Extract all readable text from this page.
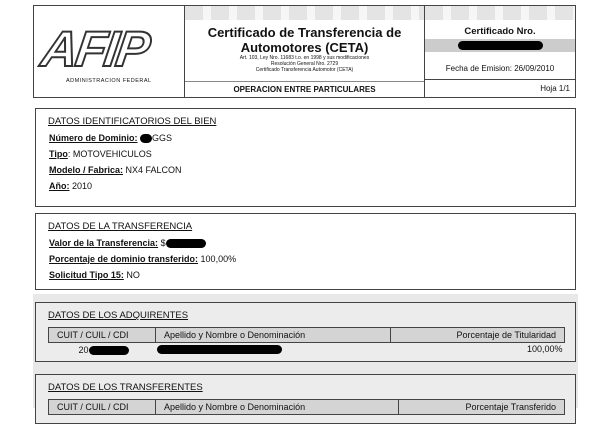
AFIP
ADMINISTRACION FEDERAL
Certificado de Transferencia de Automotores (CETA)
Art. 103, Ley Nro. 11683 t.o. en 1998 y sus modificaciones
Resolución General Nro. 2729
Certificado Transferencia Automotor (CETA)
OPERACION ENTRE PARTICULARES
Certificado Nro.
Fecha de Emision: 26/09/2010
Hoja 1/1
DATOS IDENTIFICATORIOS DEL BIEN
Número de Dominio: GGS
Tipo: MOTOVEHICULOS
Modelo / Fabrica: NX4 FALCON
Año: 2010
DATOS DE LA TRANSFERENCIA
Valor de la Transferencia: $
Porcentaje de dominio transferido: 100,00%
Solicitud Tipo 15: NO
DATOS DE LOS ADQUIRENTES
CUIT / CUIL / CDI	Apellido y Nombre o Denominación	Porcentaje de Titularidad
20		100,00%
DATOS DE LOS TRANSFERENTES
CUIT / CUIL / CDI	Apellido y Nombre o Denominación	Porcentaje Transferido
